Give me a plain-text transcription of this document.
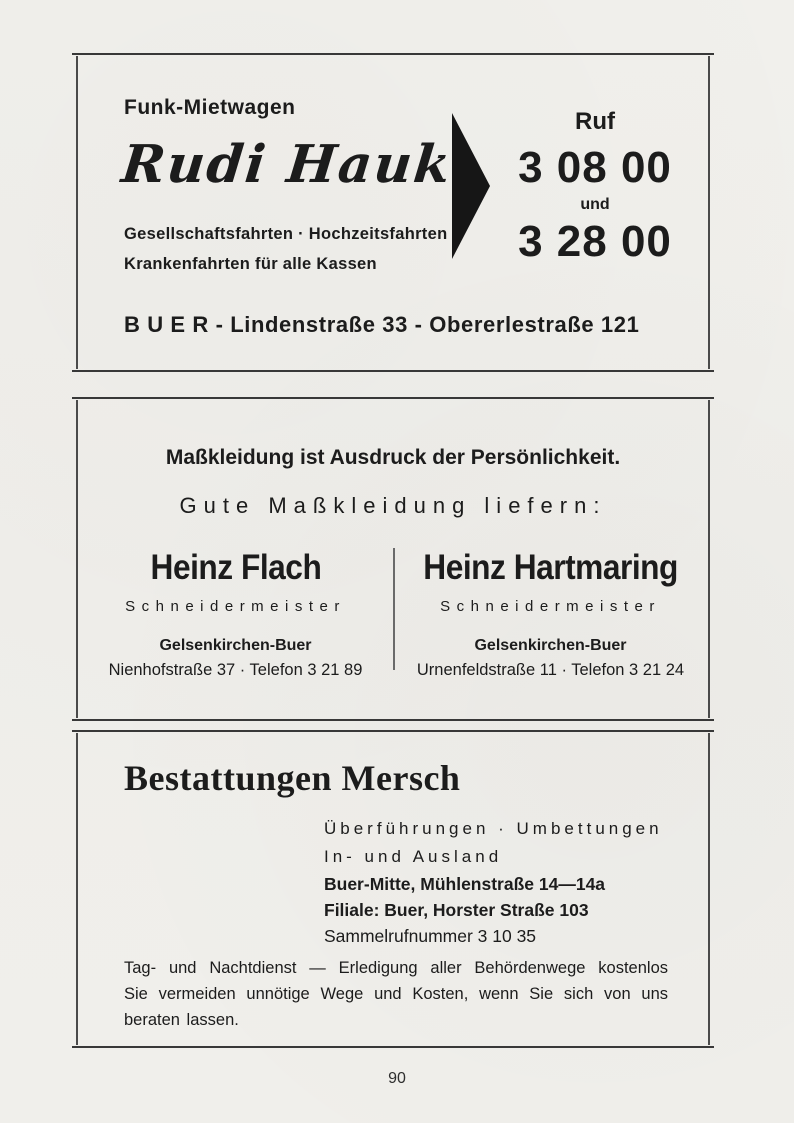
Funk-Mietwagen
Rudi Hauk
Ruf
3 08 00
und
3 28 00
Gesellschaftsfahrten · Hochzeitsfahrten
Krankenfahrten für alle Kassen
B U E R - Lindenstraße 33 - Obererlestraße 121
Maßkleidung ist Ausdruck der Persönlichkeit.
Gute Maßkleidung liefern:
Heinz Flach
Schneidermeister
Gelsenkirchen-Buer
Nienhofstraße 37 · Telefon 3 21 89
Heinz Hartmaring
Schneidermeister
Gelsenkirchen-Buer
Urnenfeldstraße 11 · Telefon 3 21 24
Bestattungen Mersch
Überführungen · Umbettungen
In- und Ausland
Buer-Mitte, Mühlenstraße 14—14a
Filiale: Buer, Horster Straße 103
Sammelrufnummer 3 10 35
Tag- und Nachtdienst — Erledigung aller Behördenwege kostenlos
Sie vermeiden unnötige Wege und Kosten, wenn Sie sich von uns
beraten lassen.
90
